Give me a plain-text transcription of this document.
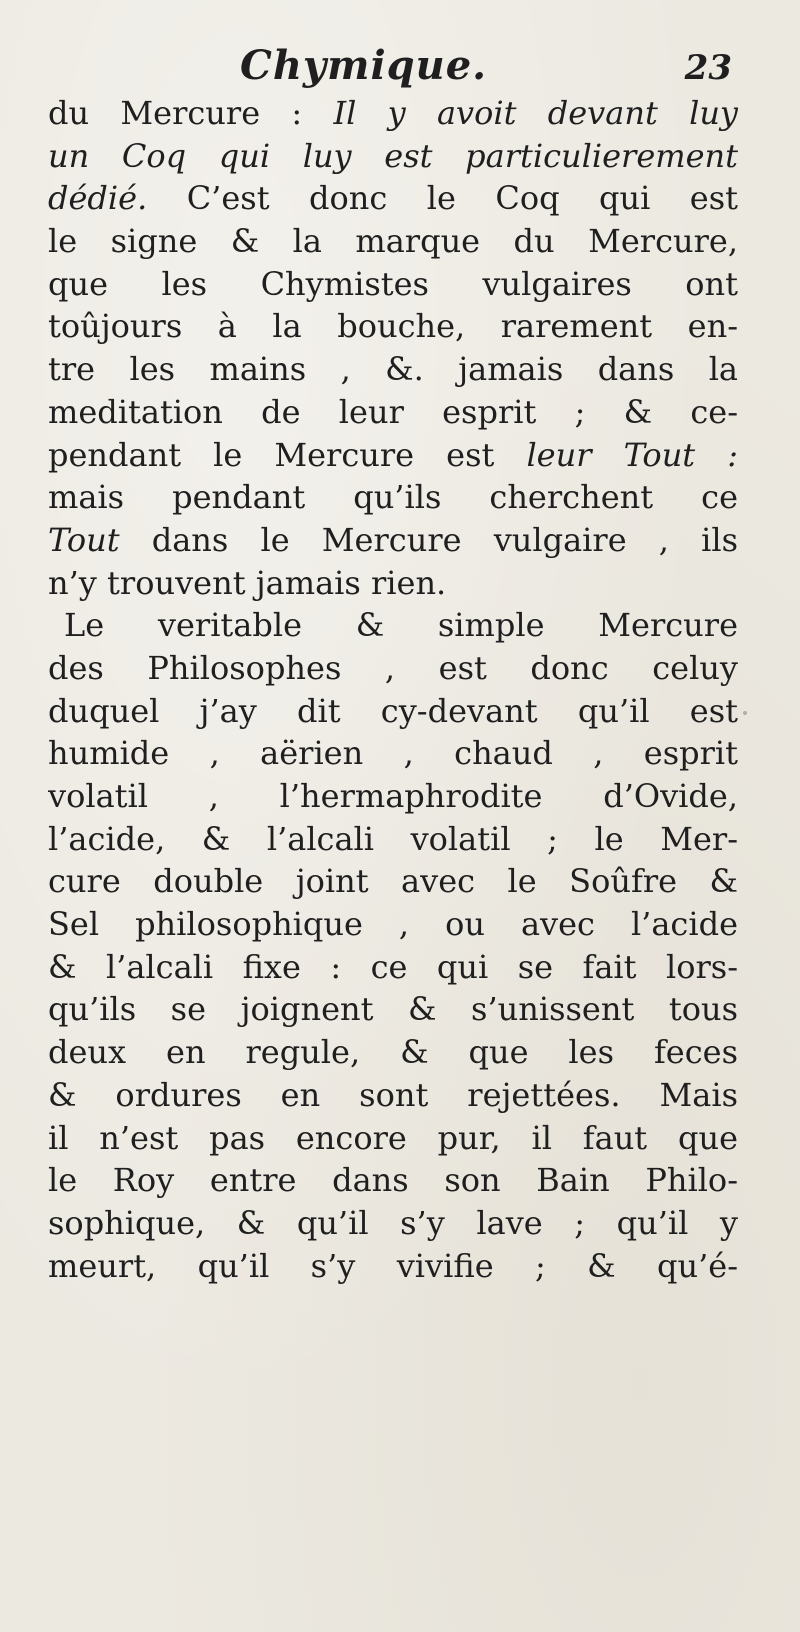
Chymique.	23
du Mercure : Il y avoit devant luy
un Coq qui luy est particulierement
dédié. C’est donc le Coq qui est
le signe & la marque du Mercure,
que les Chymistes vulgaires ont
toûjours à la bouche, rarement en-
tre les mains , &. jamais dans la
meditation de leur esprit ; & ce-
pendant le Mercure est leur Tout :
mais pendant qu’ils cherchent ce
Tout dans le Mercure vulgaire , ils
n’y trouvent jamais rien.
Le veritable & simple Mercure
des Philosophes , est donc celuy
duquel j’ay dit cy-devant qu’il est
humide , aërien , chaud , esprit
volatil , l’hermaphrodite d’Ovide,
l’acide, & l’alcali volatil ; le Mer-
cure double joint avec le Soûfre &
Sel philosophique , ou avec l’acide
& l’alcali fixe : ce qui se fait lors-
qu’ils se joignent & s’unissent tous
deux en regule, & que les feces
& ordures en sont rejettées. Mais
il n’est pas encore pur, il faut que
le Roy entre dans son Bain Philo-
sophique, & qu’il s’y lave ; qu’il y
meurt, qu’il s’y vivifie ; & qu’é-
